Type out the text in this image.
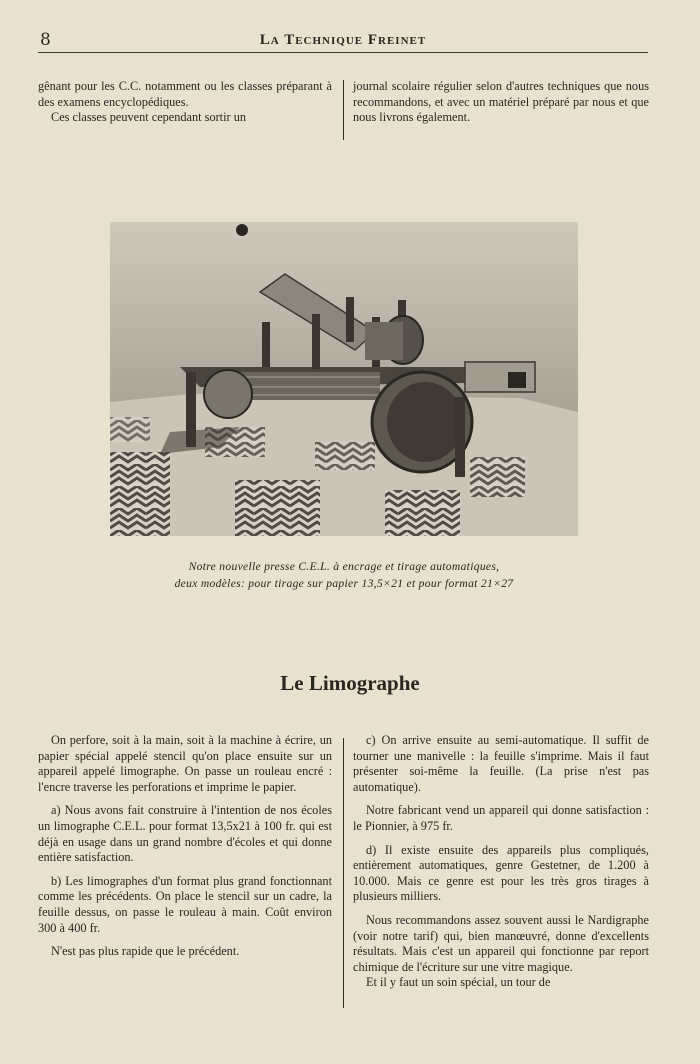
8	La Technique Freinet

gênant pour les C.C. notamment ou les classes préparant à des examens encyclopédiques.

Ces classes peuvent cependant sortir un

journal scolaire régulier selon d'autres techniques que nous recommandons, et avec un matériel préparé par nous et que nous livrons également.

Notre nouvelle presse C.E.L. à encrage et tirage automatiques,
deux modèles: pour tirage sur papier 13,5×21 et pour format 21×27
Le Limographe

On perfore, soit à la main, soit à la machine à écrire, un papier spécial appelé stencil qu'on place ensuite sur un appareil appelé limographe. On passe un rouleau encré : l'encre traverse les perforations et imprime le papier.

a) Nous avons fait construire à l'intention de nos écoles un limographe C.E.L. pour format 13,5x21 à 100 fr. qui est déjà en usage dans un grand nombre d'écoles et qui donne entière satisfaction.

b) Les limographes d'un format plus grand fonctionnant comme les précédents. On place le stencil sur un cadre, la feuille dessus, on passe le rouleau à main. Coût environ 300 à 400 fr.

N'est pas plus rapide que le précédent.

c) On arrive ensuite au semi-automatique. Il suffit de tourner une manivelle : la feuille s'imprime. Mais il faut présenter soi-même la feuille. (La prise n'est pas automatique).

Notre fabricant vend un appareil qui donne satisfaction : le Pionnier, à 975 fr.

d) Il existe ensuite des appareils plus compliqués, entièrement automatiques, genre Gestetner, de 1.200 à 10.000. Mais ce genre est pour les très gros tirages à plusieurs milliers.

Nous recommandons assez souvent aussi le Nardigraphe (voir notre tarif) qui, bien manœuvré, donne d'excellents résultats. Mais c'est un appareil qui fonctionne par report chimique de l'écriture sur une vitre magique.

Et il y faut un soin spécial, un tour de
